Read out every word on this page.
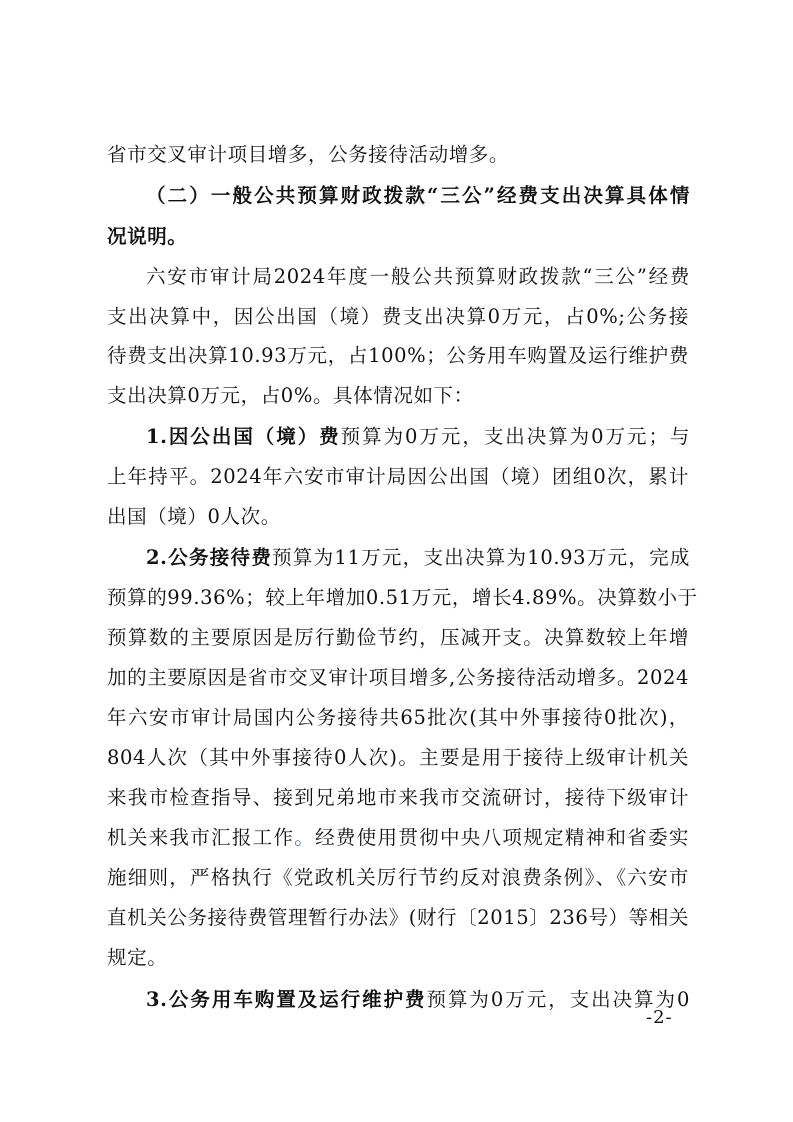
省市交叉审计项目增多，公务接待活动增多。
（二）一般公共预算财政拨款“三公”经费支出决算具体情
况说明。
六安市审计局2024年度一般公共预算财政拨款“三公”经费
支出决算中，因公出国（境）费支出决算0万元，占0%;公务接
待费支出决算10.93万元，占100%；公务用车购置及运行维护费
支出决算0万元，占0%。具体情况如下：
1.因公出国（境）费预算为0万元，支出决算为0万元；与
上年持平。2024年六安市审计局因公出国（境）团组0次，累计
出国（境）0人次。
2.公务接待费预算为11万元，支出决算为10.93万元，完成
预算的99.36%；较上年增加0.51万元，增长4.89%。决算数小于
预算数的主要原因是厉行勤俭节约，压减开支。决算数较上年增
加的主要原因是省市交叉审计项目增多,公务接待活动增多。2024
年六安市审计局国内公务接待共65批次(其中外事接待0批次)，
804人次（其中外事接待0人次)。主要是用于接待上级审计机关
来我市检查指导、接到兄弟地市来我市交流研讨，接待下级审计
机关来我市汇报工作。经费使用贯彻中央八项规定精神和省委实
施细则，严格执行《党政机关厉行节约反对浪费条例》、《六安市
直机关公务接待费管理暂行办法》(财行〔2015〕236号）等相关
规定。
3.公务用车购置及运行维护费预算为0万元，支出决算为0
-2-
